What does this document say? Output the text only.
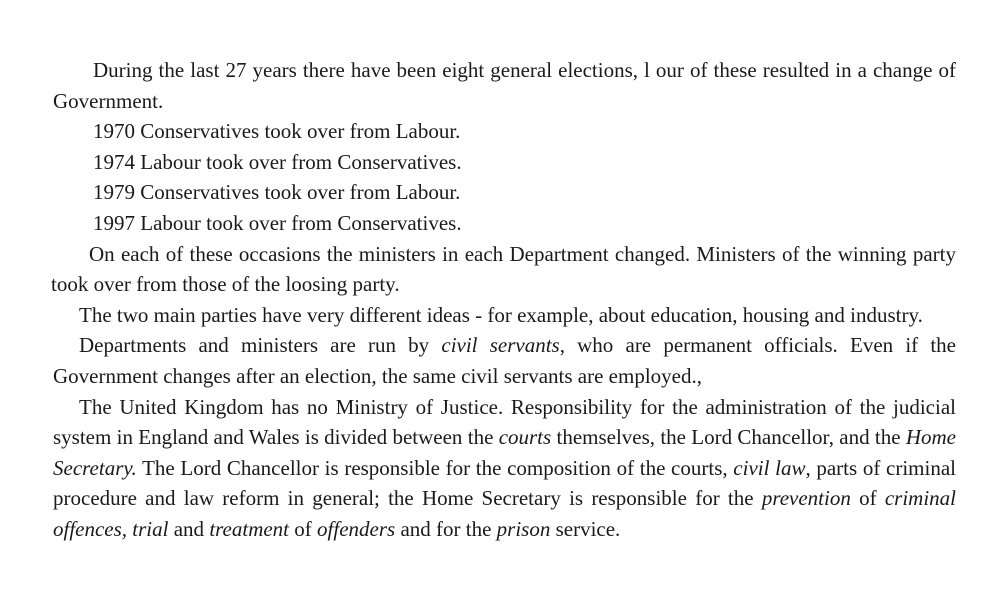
During the last 27 years there have been eight general elections, l our of these resulted in a change of Government.

1970 Conservatives took over from Labour.

1974 Labour took over from Conservatives.

1979 Conservatives took over from Labour.

1997 Labour took over from Conservatives.

On each of these occasions the ministers in each Department changed. Ministers of the winning party took over from those of the loosing party.

The two main parties have very different ideas - for example, about education, housing and industry.

Departments and ministers are run by civil servants, who are permanent officials. Even if the Government changes after an election, the same civil servants are employed.,

The United Kingdom has no Ministry of Justice. Responsibility for the administration of the judicial system in England and Wales is divided between the courts themselves, the Lord Chancellor, and the Home Secretary. The Lord Chancellor is responsible for the composition of the courts, civil law, parts of criminal procedure and law reform in general; the Home Secretary is responsible for the prevention of criminal offences, trial and treatment of offenders and for the prison service.
